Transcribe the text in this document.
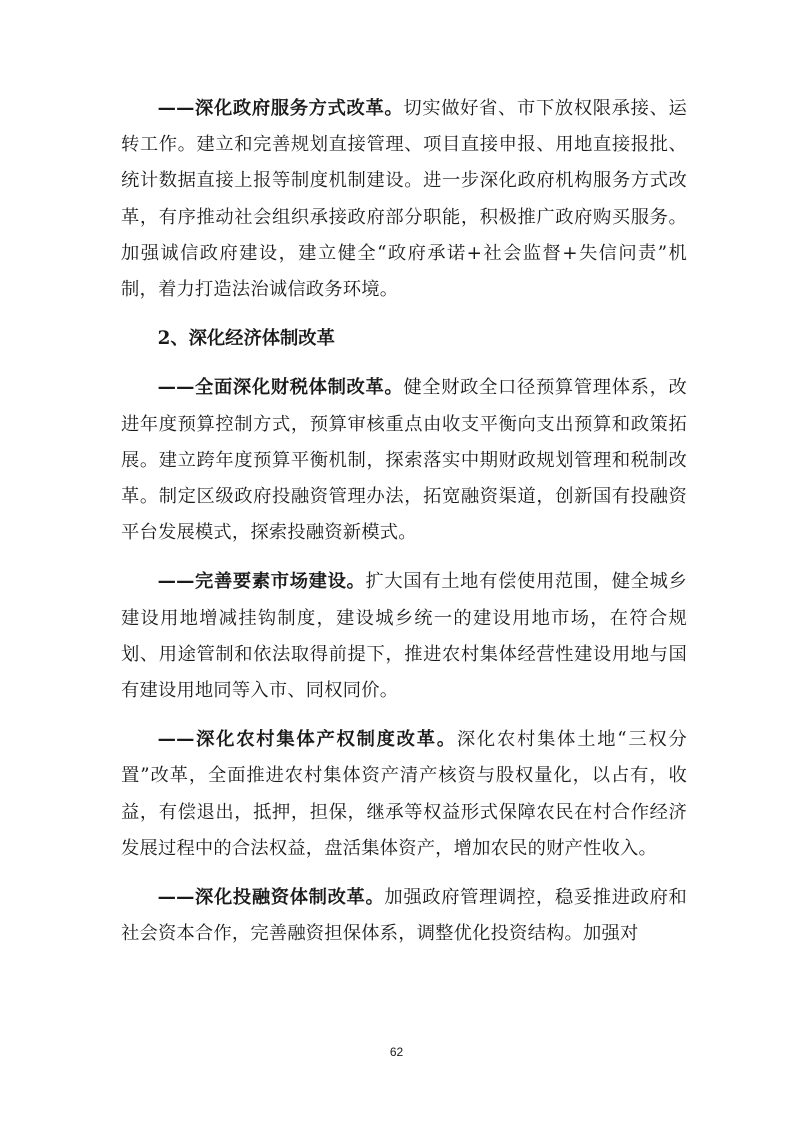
——深化政府服务方式改革。切实做好省、市下放权限承接、运转工作。建立和完善规划直接管理、项目直接申报、用地直接报批、统计数据直接上报等制度机制建设。进一步深化政府机构服务方式改革，有序推动社会组织承接政府部分职能，积极推广政府购买服务。加强诚信政府建设，建立健全“政府承诺+社会监督+失信问责”机制，着力打造法治诚信政务环境。

2、深化经济体制改革

——全面深化财税体制改革。健全财政全口径预算管理体系，改进年度预算控制方式，预算审核重点由收支平衡向支出预算和政策拓展。建立跨年度预算平衡机制，探索落实中期财政规划管理和税制改革。制定区级政府投融资管理办法，拓宽融资渠道，创新国有投融资平台发展模式，探索投融资新模式。

——完善要素市场建设。扩大国有土地有偿使用范围，健全城乡建设用地增减挂钩制度，建设城乡统一的建设用地市场，在符合规划、用途管制和依法取得前提下，推进农村集体经营性建设用地与国有建设用地同等入市、同权同价。

——深化农村集体产权制度改革。深化农村集体土地“三权分置”改革，全面推进农村集体资产清产核资与股权量化，以占有，收益，有偿退出，抵押，担保，继承等权益形式保障农民在村合作经济发展过程中的合法权益，盘活集体资产，增加农民的财产性收入。

——深化投融资体制改革。加强政府管理调控，稳妥推进政府和社会资本合作，完善融资担保体系，调整优化投资结构。加强对

62
